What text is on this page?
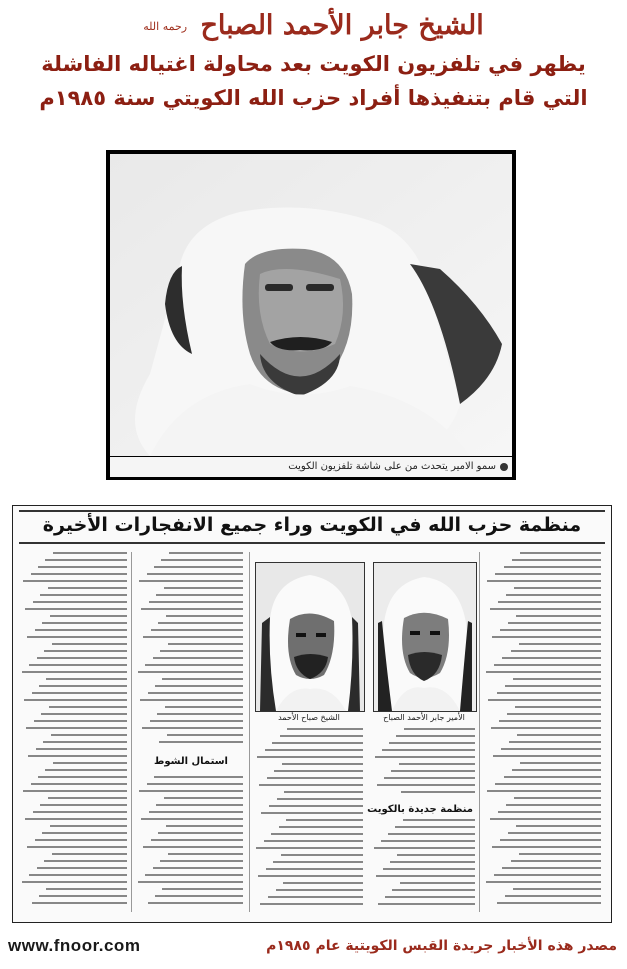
الشيخ جابر الأحمد الصباح رحمه الله
يظهر في تلفزيون الكويت بعد محاولة اغتياله الفاشلة
التي قام بتنفيذها أفراد حزب الله الكويتي سنة ١٩٨٥م
سمو الامير يتحدث من على شاشة تلفزيون الكويت
منظمة حزب الله في الكويت وراء جميع الانفجارات الأخيرة
الأمير جابر الأحمد الصباح
الشيخ صباح الأحمد
منظمة جديدة بالكويت
استمال الشوط
www.fnoor.com	مصدر هذه الأخبار جريدة القبس الكويتية عام ١٩٨٥م
